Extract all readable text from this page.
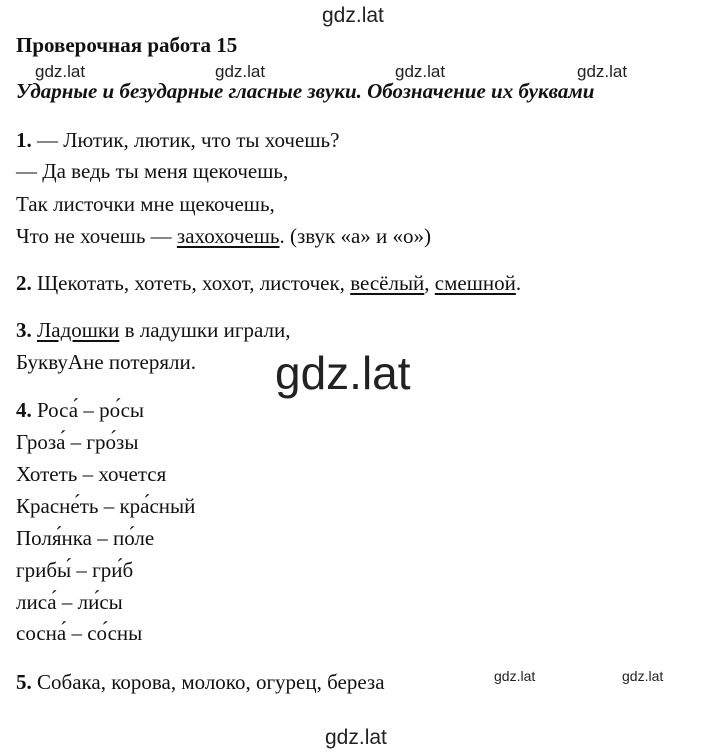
gdz.lat
gdz.lat	gdz.lat	gdz.lat	gdz.lat
gdz.lat
gdz.lat	gdz.lat
gdz.lat
Проверочная работа 15
Ударные и безударные гласные звуки. Обозначение их буквами
1. — Лютик, лютик, что ты хочешь?
— Да ведь ты меня щекочешь,
Так листочки мне щекочешь,
Что не хочешь — захохочешь. (звук «а» и «о»)
2. Щекотать, хотеть, хохот, листочек, весёлый, смешной.
3. Ладошки в ладушки играли,
БуквуАне потеряли.
4. Роса́ – ро́сы
Гроза́ – гро́зы
Хотеть – хочется
Красне́ть – кра́сный
Поля́нка – по́ле
грибы́ – гри́б
лиса́ – ли́сы
сосна́ – со́сны
5. Собака, корова, молоко, огурец, береза
